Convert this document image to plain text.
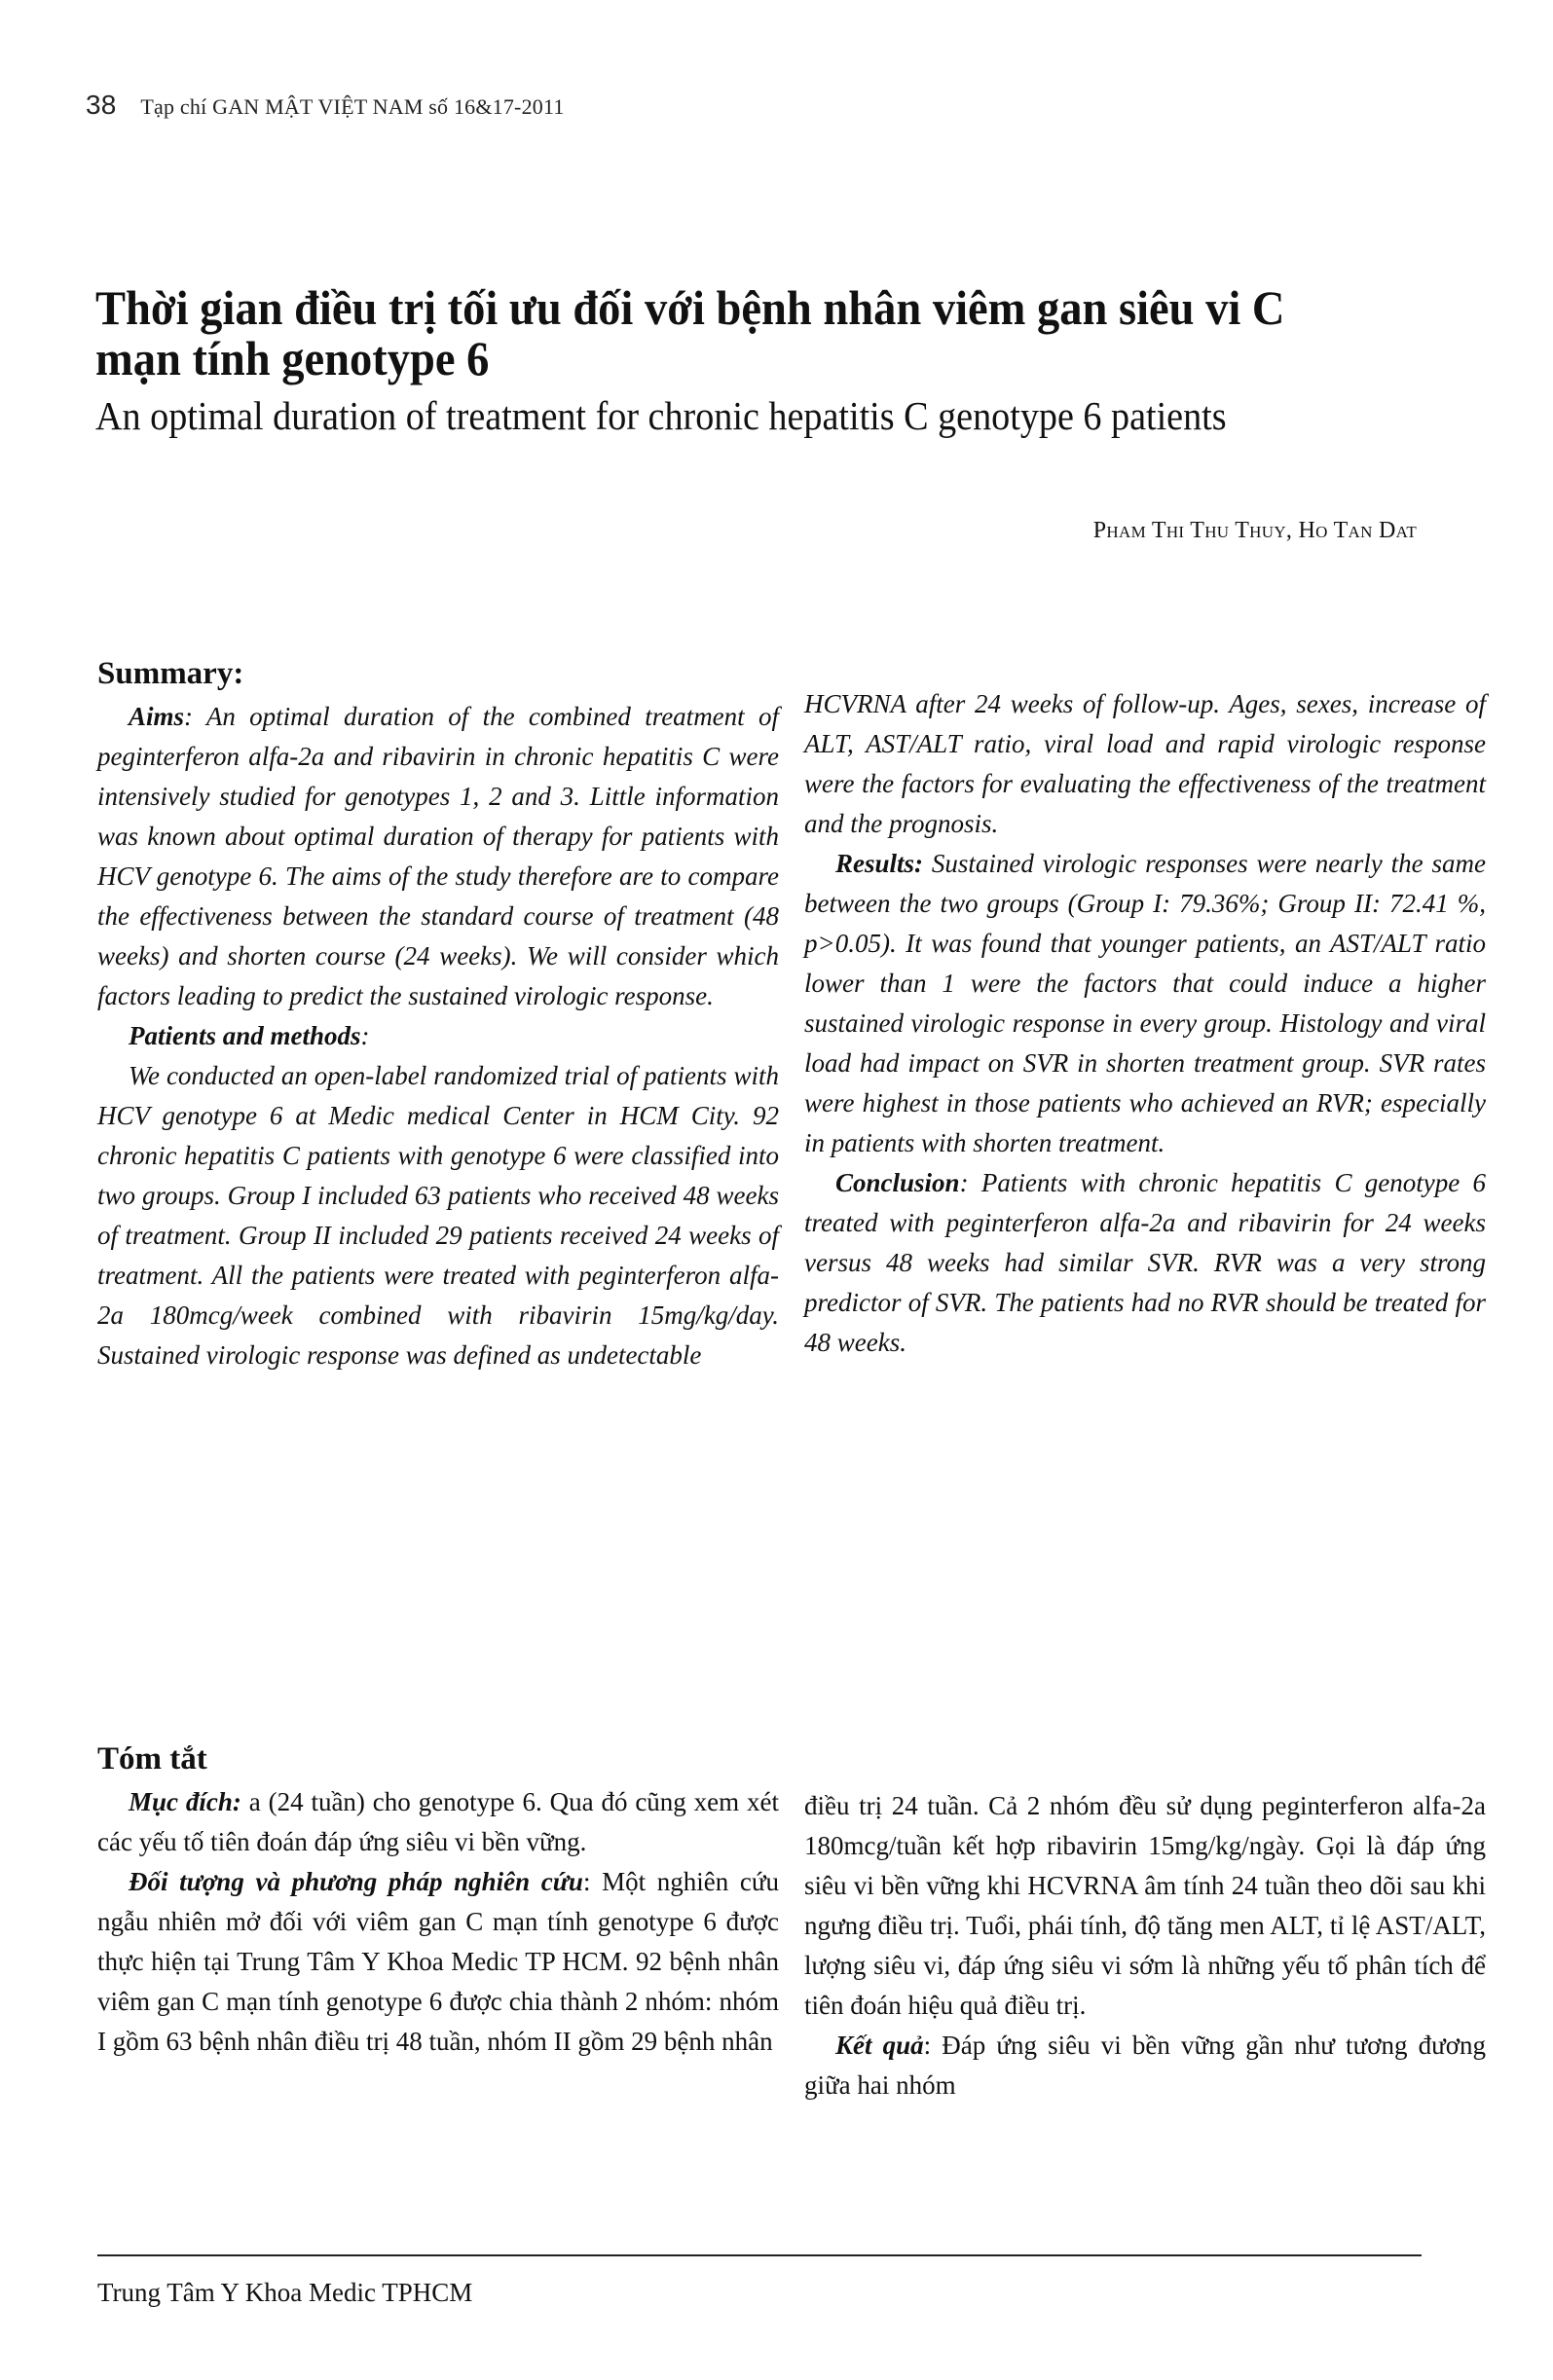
38 Tạp chí GAN MẬT VIỆT NAM số 16&17-2011
Thời gian điều trị tối ưu đối với bệnh nhân viêm gan siêu vi C mạn tính genotype 6
An optimal duration of treatment for chronic hepatitis C genotype 6 patients
Pham Thi Thu Thuy, Ho Tan Dat
Summary:

Aims: An optimal duration of the combined treatment of peginterferon alfa-2a and ribavirin in chronic hepatitis C were intensively studied for genotypes 1, 2 and 3. Little information was known about optimal duration of therapy for patients with HCV genotype 6. The aims of the study therefore are to compare the effectiveness between the standard course of treatment (48 weeks) and shorten course (24 weeks). We will consider which factors leading to predict the sustained virologic response.

Patients and methods:

We conducted an open-label randomized trial of patients with HCV genotype 6 at Medic medical Center in HCM City. 92 chronic hepatitis C patients with genotype 6 were classified into two groups. Group I included 63 patients who received 48 weeks of treatment. Group II included 29 patients received 24 weeks of treatment. All the patients were treated with peginterferon alfa-2a 180mcg/week combined with ribavirin 15mg/kg/day. Sustained virologic response was defined as undetectable

HCVRNA after 24 weeks of follow-up. Ages, sexes, increase of ALT, AST/ALT ratio, viral load and rapid virologic response were the factors for evaluating the effectiveness of the treatment and the prognosis.

Results: Sustained virologic responses were nearly the same between the two groups (Group I: 79.36%; Group II: 72.41 %, p>0.05). It was found that younger patients, an AST/ALT ratio lower than 1 were the factors that could induce a higher sustained virologic response in every group. Histology and viral load had impact on SVR in shorten treatment group. SVR rates were highest in those patients who achieved an RVR; especially in patients with shorten treatment.

Conclusion: Patients with chronic hepatitis C genotype 6 treated with peginterferon alfa-2a and ribavirin for 24 weeks versus 48 weeks had similar SVR. RVR was a very strong predictor of SVR. The patients had no RVR should be treated for 48 weeks.

Tóm tắt

Mục đích: a (24 tuần) cho genotype 6. Qua đó cũng xem xét các yếu tố tiên đoán đáp ứng siêu vi bền vững.

Đối tượng và phương pháp nghiên cứu: Một nghiên cứu ngẫu nhiên mở đối với viêm gan C mạn tính genotype 6 được thực hiện tại Trung Tâm Y Khoa Medic TP HCM. 92 bệnh nhân viêm gan C mạn tính genotype 6 được chia thành 2 nhóm: nhóm I gồm 63 bệnh nhân điều trị 48 tuần, nhóm II gồm 29 bệnh nhân

điều trị 24 tuần. Cả 2 nhóm đều sử dụng peginterferon alfa-2a 180mcg/tuần kết hợp ribavirin 15mg/kg/ngày. Gọi là đáp ứng siêu vi bền vững khi HCVRNA âm tính 24 tuần theo dõi sau khi ngưng điều trị. Tuổi, phái tính, độ tăng men ALT, tỉ lệ AST/ALT, lượng siêu vi, đáp ứng siêu vi sớm là những yếu tố phân tích để tiên đoán hiệu quả điều trị.

Kết quả: Đáp ứng siêu vi bền vững gần như tương đương giữa hai nhóm

Trung Tâm Y Khoa Medic TPHCM
